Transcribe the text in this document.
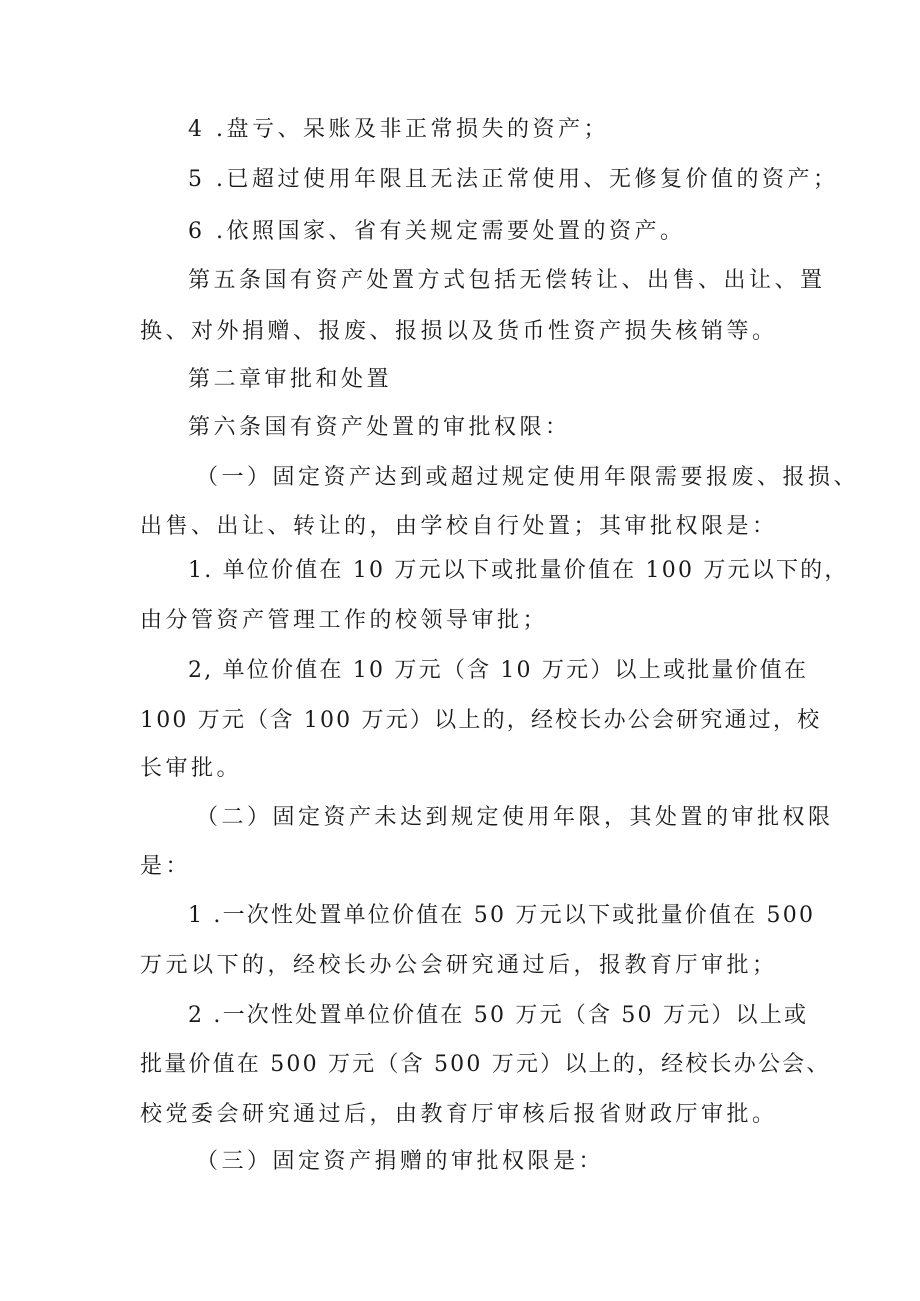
4 .盘亏、呆账及非正常损失的资产；
5 .已超过使用年限且无法正常使用、无修复价值的资产；
6 .依照国家、省有关规定需要处置的资产。
第五条国有资产处置方式包括无偿转让、出售、出让、置
换、对外捐赠、报废、报损以及货币性资产损失核销等。
第二章审批和处置
第六条国有资产处置的审批权限：
（一）固定资产达到或超过规定使用年限需要报废、报损、
出售、出让、转让的，由学校自行处置；其审批权限是：
1. 单位价值在 10 万元以下或批量价值在 100 万元以下的，
由分管资产管理工作的校领导审批；
2, 单位价值在 10 万元（含 10 万元）以上或批量价值在
100 万元（含 100 万元）以上的，经校长办公会研究通过，校
长审批。
（二）固定资产未达到规定使用年限，其处置的审批权限
是：
1 .一次性处置单位价值在 50 万元以下或批量价值在 500
万元以下的，经校长办公会研究通过后，报教育厅审批；
2 .一次性处置单位价值在 50 万元（含 50 万元）以上或
批量价值在 500 万元（含 500 万元）以上的，经校长办公会、
校党委会研究通过后，由教育厅审核后报省财政厅审批。
（三）固定资产捐赠的审批权限是：
